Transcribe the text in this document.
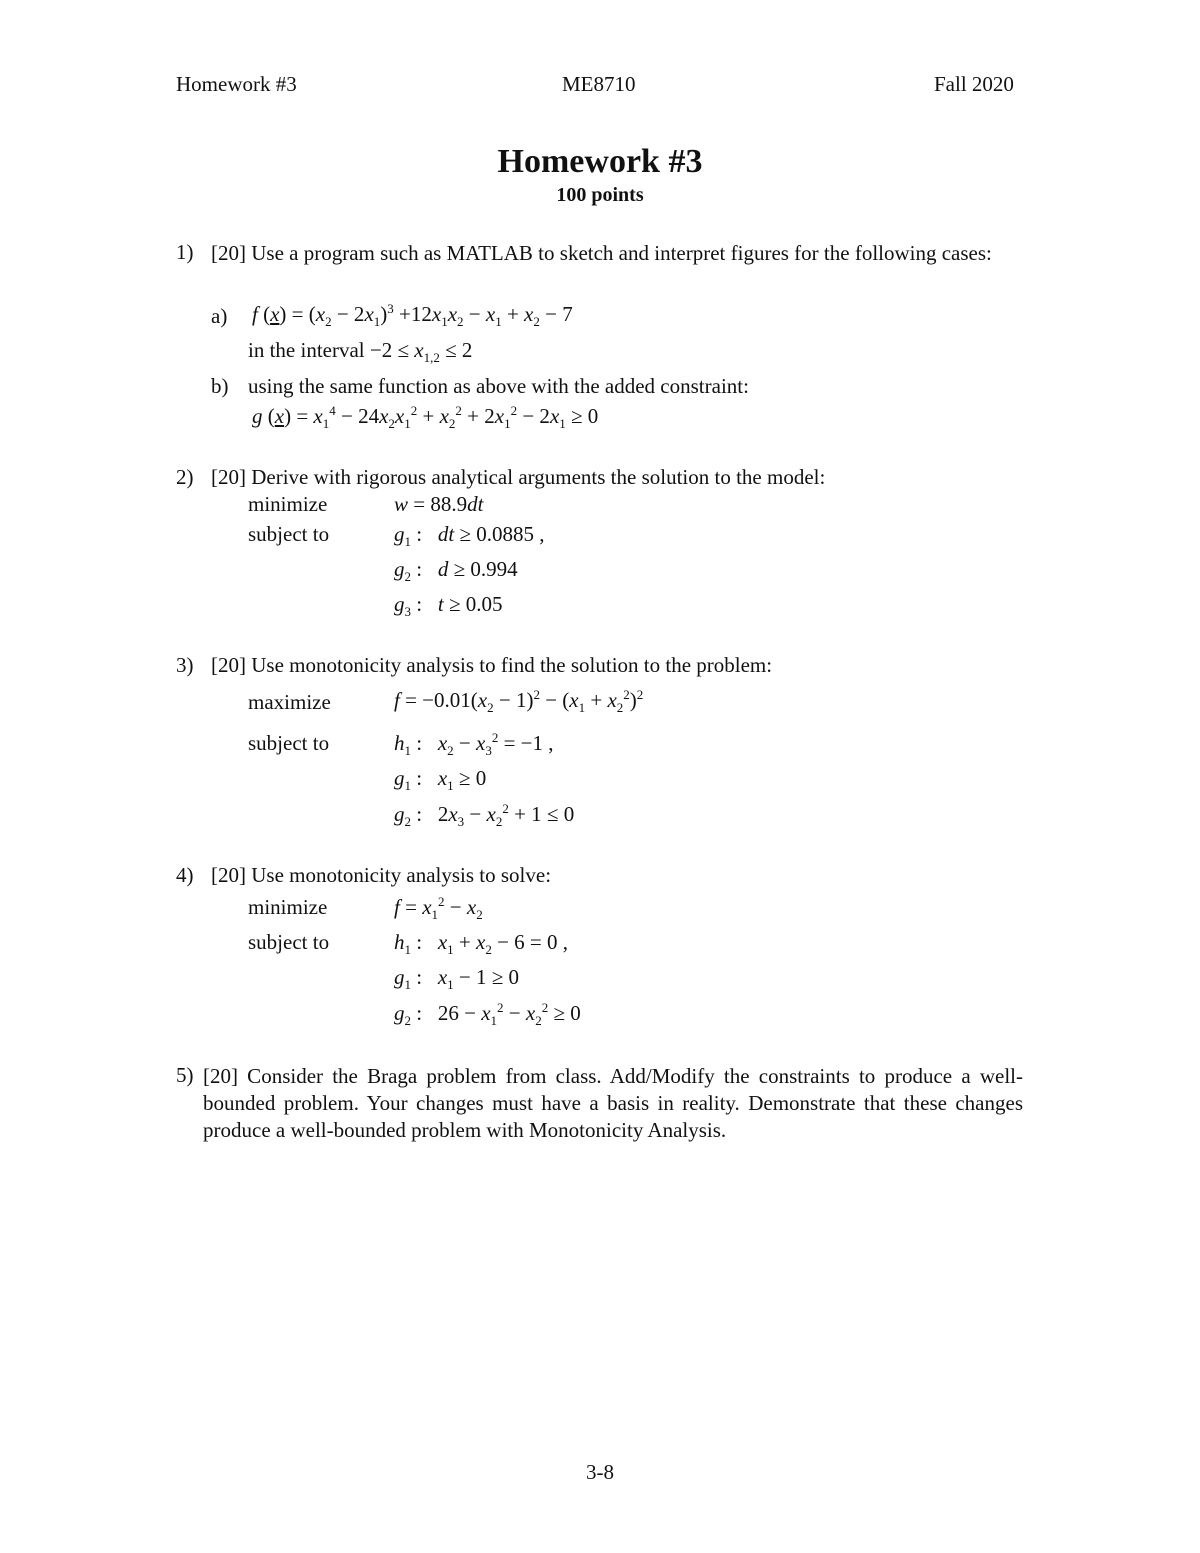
Homework #3	ME8710	Fall 2020
Homework #3
100 points
1) [20] Use a program such as MATLAB to sketch and interpret figures for the following cases:
a) f $(x) = (x_2 - 2x_1)^3 +12x_1x_2 - x_1 + x_2 - 7$
in the interval $-2 \le x_{1,2} \le 2$
b) using the same function as above with the added constraint:
g $(x) = x_1^4 - 24x_2x_1^2 + x_2^2 + 2x_1^2 - 2x_1 \ge 0$
2) [20] Derive with rigorous analytical arguments the solution to the model:
minimize	w = 88.9dt
subject to	$g_1$ :   dt ≥ 0.0885 ,
$g_2$ :   d ≥ 0.994
$g_3$ :   t ≥ 0.05
3) [20] Use monotonicity analysis to find the solution to the problem:
maximize	$f = -0.01(x_2 - 1)^2 - (x_1 + x_2^2)^2$
subject to	$h_1$ :   $x_2 - x_3^2 = -1$ ,
$g_1$ :   $x_1 \ge 0$
$g_2$ :   $2x_3 - x_2^2 + 1 \le 0$
4) [20] Use monotonicity analysis to solve:
minimize	$f = x_1^2 - x_2$
subject to	$h_1$ :   $x_1 + x_2 - 6 = 0$ ,
$g_1$ :   $x_1 - 1 \ge 0$
$g_2$ :   $26 - x_1^2 - x_2^2 \ge 0$
5) [20] Consider the Braga problem from class. Add/Modify the constraints to produce a well-bounded problem. Your changes must have a basis in reality. Demonstrate that these changes produce a well-bounded problem with Monotonicity Analysis.
3-8
